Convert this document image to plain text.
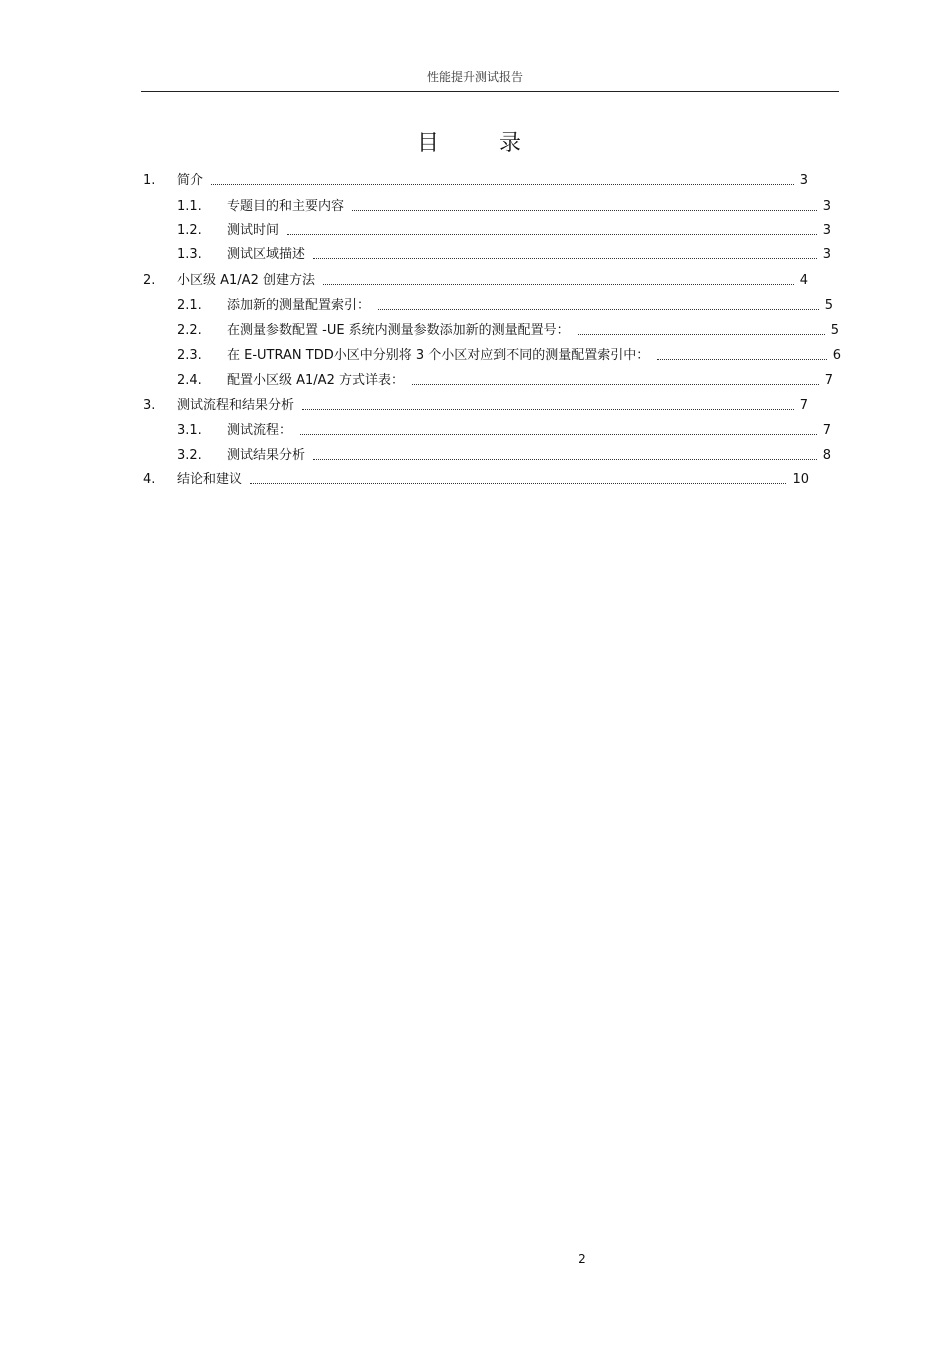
性能提升测试报告
目录
1.	简介	3
1.1.	专题目的和主要内容	3
1.2.	测试时间	3
1.3.	测试区域描述	3
2.	小区级 A1/A2 创建方法	4
2.1.	添加新的测量配置索引：	5
2.2.	在测量参数配置 -UE 系统内测量参数添加新的测量配置号：	5
2.3.	在 E-UTRAN TDD小区中分别将 3 个小区对应到不同的测量配置索引中：	6
2.4.	配置小区级 A1/A2 方式详表：	7
3.	测试流程和结果分析	7
3.1.	测试流程：	7
3.2.	测试结果分析	8
4.	结论和建议	10
2
